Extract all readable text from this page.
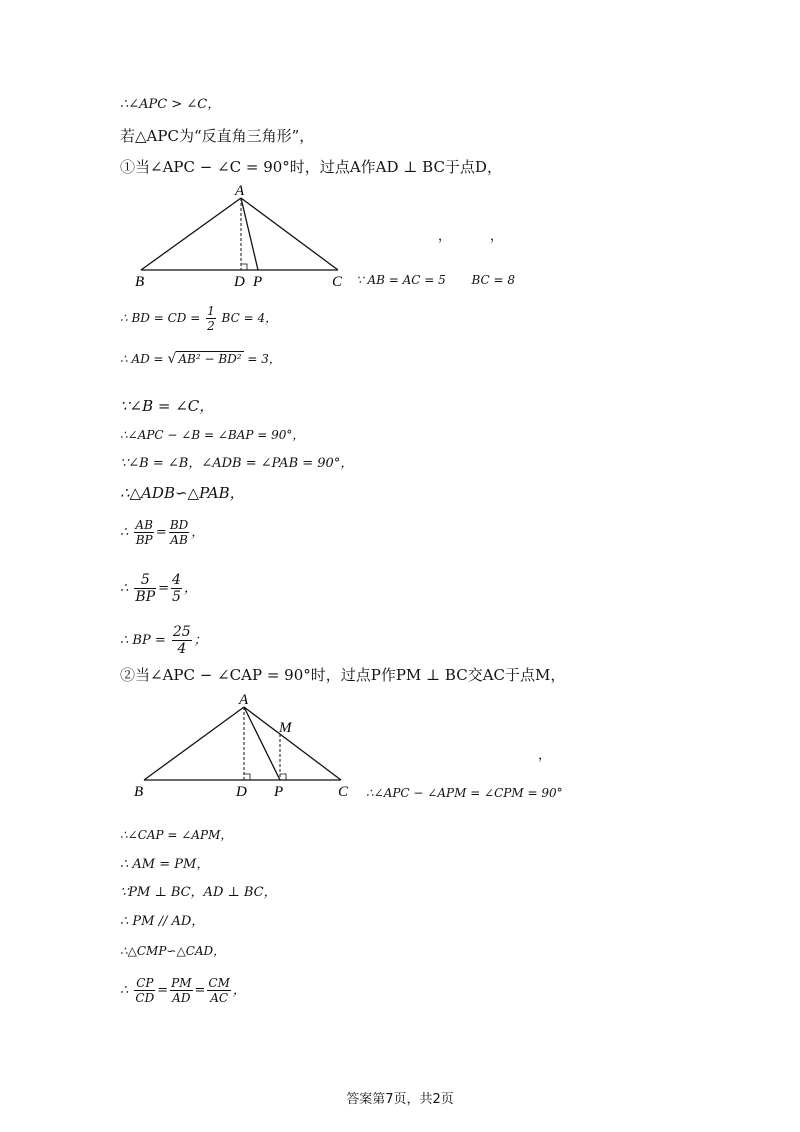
∴∠APC > ∠C，
若△APC为“反直角三角形”，
①当∠APC − ∠C = 90°时，过点A作AD ⊥ BC于点D，
A
B	C
D P
，	，
∵ AB = AC = 5 BC = 8
∴ BD = CD = $\frac{1}{2}$ BC = 4，
∴ AD = √ AB² − BD² = 3，
∵∠B = ∠C，
∴∠APC − ∠B = ∠BAP = 90°，
∵∠B = ∠B，∠ADB = ∠PAB = 90°，
∴△ADB∽△PAB，
∴ $\frac{AB}{BP} = \frac{BD}{AB}$ ，
∴ $\frac{5}{BP} = \frac{4}{5}$ ，
∴ BP = $\frac{25}{4}$ ；
②当∠APC − ∠CAP = 90°时，过点P作PM ⊥ BC交AC于点M，
A
B	C
D P
M
，
∴∠APC − ∠APM = ∠CPM = 90°
∴∠CAP = ∠APM，
∴ AM = PM，
∵PM ⊥ BC，AD ⊥ BC，
∴ PM // AD，
∴△CMP∽△CAD，
∴ $\frac{CP}{CD} = \frac{PM}{AD} = \frac{CM}{AC}$ ，
答案第7页，共2页
